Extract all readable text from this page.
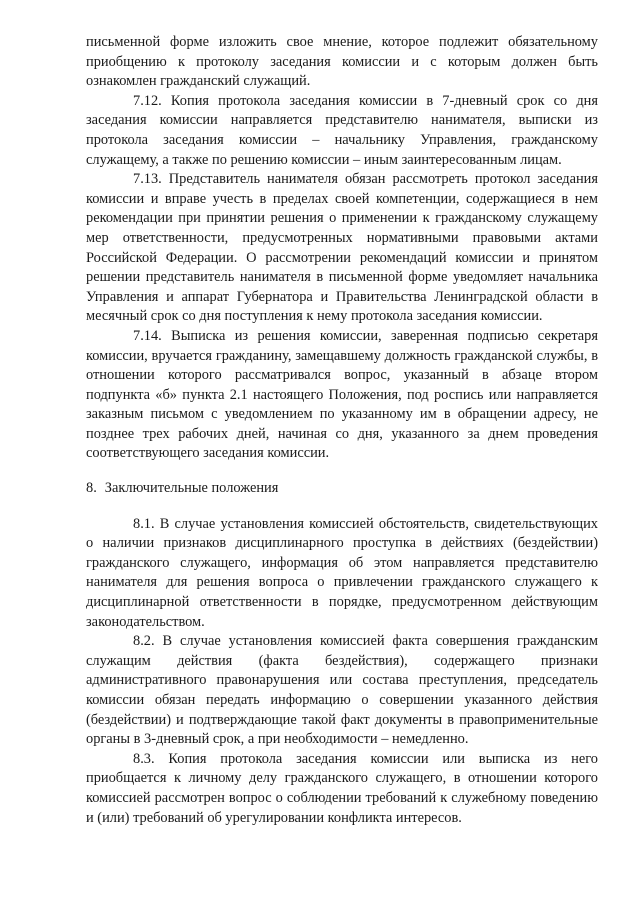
письменной форме изложить свое мнение, которое подлежит обязательному приобщению к протоколу заседания комиссии и с которым должен быть ознакомлен гражданский служащий.

7.12. Копия протокола заседания комиссии в 7-дневный срок со дня заседания комиссии направляется представителю нанимателя, выписки из протокола заседания комиссии – начальнику Управления, гражданскому служащему, а также по решению комиссии – иным заинтересованным лицам.

7.13. Представитель нанимателя обязан рассмотреть протокол заседания комиссии и вправе учесть в пределах своей компетенции, содержащиеся в нем рекомендации при принятии решения о применении к гражданскому служащему мер ответственности, предусмотренных нормативными правовыми актами Российской Федерации. О рассмотрении рекомендаций комиссии и принятом решении представитель нанимателя в письменной форме уведомляет начальника Управления и аппарат Губернатора и Правительства Ленинградской области в месячный срок со дня поступления к нему протокола заседания комиссии.

7.14. Выписка из решения комиссии, заверенная подписью секретаря комиссии, вручается гражданину, замещавшему должность гражданской службы, в отношении которого рассматривался вопрос, указанный в абзаце втором подпункта «б» пункта 2.1 настоящего Положения, под роспись или направляется заказным письмом с уведомлением по указанному им в обращении адресу, не позднее трех рабочих дней, начиная со дня, указанного за днем проведения соответствующего заседания комиссии.

8. Заключительные положения

8.1. В случае установления комиссией обстоятельств, свидетельствующих о наличии признаков дисциплинарного проступка в действиях (бездействии) гражданского служащего, информация об этом направляется представителю нанимателя для решения вопроса о привлечении гражданского служащего к дисциплинарной ответственности в порядке, предусмотренном действующим законодательством.

8.2. В случае установления комиссией факта совершения гражданским служащим действия (факта бездействия), содержащего признаки административного правонарушения или состава преступления, председатель комиссии обязан передать информацию о совершении указанного действия (бездействии) и подтверждающие такой факт документы в правоприменительные органы в 3-дневный срок, а при необходимости – немедленно.

8.3. Копия протокола заседания комиссии или выписка из него приобщается к личному делу гражданского служащего, в отношении которого комиссией рассмотрен вопрос о соблюдении требований к служебному поведению и (или) требований об урегулировании конфликта интересов.
